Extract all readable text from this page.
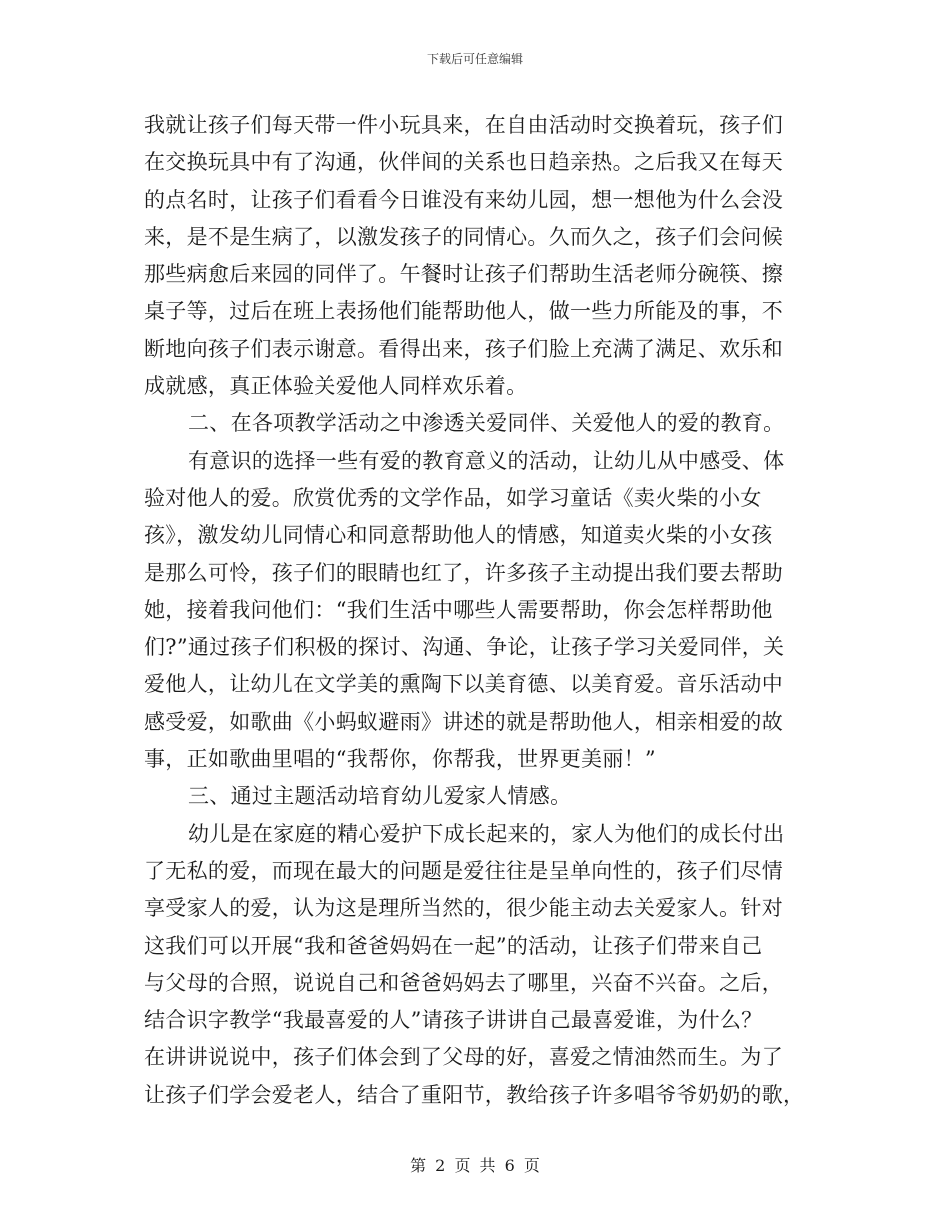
下载后可任意编辑
我就让孩子们每天带一件小玩具来，在自由活动时交换着玩，孩子们
在交换玩具中有了沟通，伙伴间的关系也日趋亲热。之后我又在每天
的点名时，让孩子们看看今日谁没有来幼儿园，想一想他为什么会没
来，是不是生病了，以激发孩子的同情心。久而久之，孩子们会问候
那些病愈后来园的同伴了。午餐时让孩子们帮助生活老师分碗筷、擦
桌子等，过后在班上表扬他们能帮助他人，做一些力所能及的事，不
断地向孩子们表示谢意。看得出来，孩子们脸上充满了满足、欢乐和
成就感，真正体验关爱他人同样欢乐着。
二、在各项教学活动之中渗透关爱同伴、关爱他人的爱的教育。
有意识的选择一些有爱的教育意义的活动，让幼儿从中感受、体
验对他人的爱。欣赏优秀的文学作品，如学习童话《卖火柴的小女
孩》，激发幼儿同情心和同意帮助他人的情感，知道卖火柴的小女孩
是那么可怜，孩子们的眼睛也红了，许多孩子主动提出我们要去帮助
她，接着我问他们：“我们生活中哪些人需要帮助，你会怎样帮助他
们?”通过孩子们积极的探讨、沟通、争论，让孩子学习关爱同伴，关
爱他人，让幼儿在文学美的熏陶下以美育德、以美育爱。音乐活动中
感受爱，如歌曲《小蚂蚁避雨》讲述的就是帮助他人，相亲相爱的故
事，正如歌曲里唱的“我帮你，你帮我，世界更美丽！”
三、通过主题活动培育幼儿爱家人情感。
幼儿是在家庭的精心爱护下成长起来的，家人为他们的成长付出
了无私的爱，而现在最大的问题是爱往往是呈单向性的，孩子们尽情
享受家人的爱，认为这是理所当然的，很少能主动去关爱家人。针对
这我们可以开展“我和爸爸妈妈在一起”的活动，让孩子们带来自己
与父母的合照，说说自己和爸爸妈妈去了哪里，兴奋不兴奋。之后，
结合识字教学“我最喜爱的人”请孩子讲讲自己最喜爱谁，为什么？
在讲讲说说中，孩子们体会到了父母的好，喜爱之情油然而生。为了
让孩子们学会爱老人，结合了重阳节，教给孩子许多唱爷爷奶奶的歌，
第 2 页 共 6 页
